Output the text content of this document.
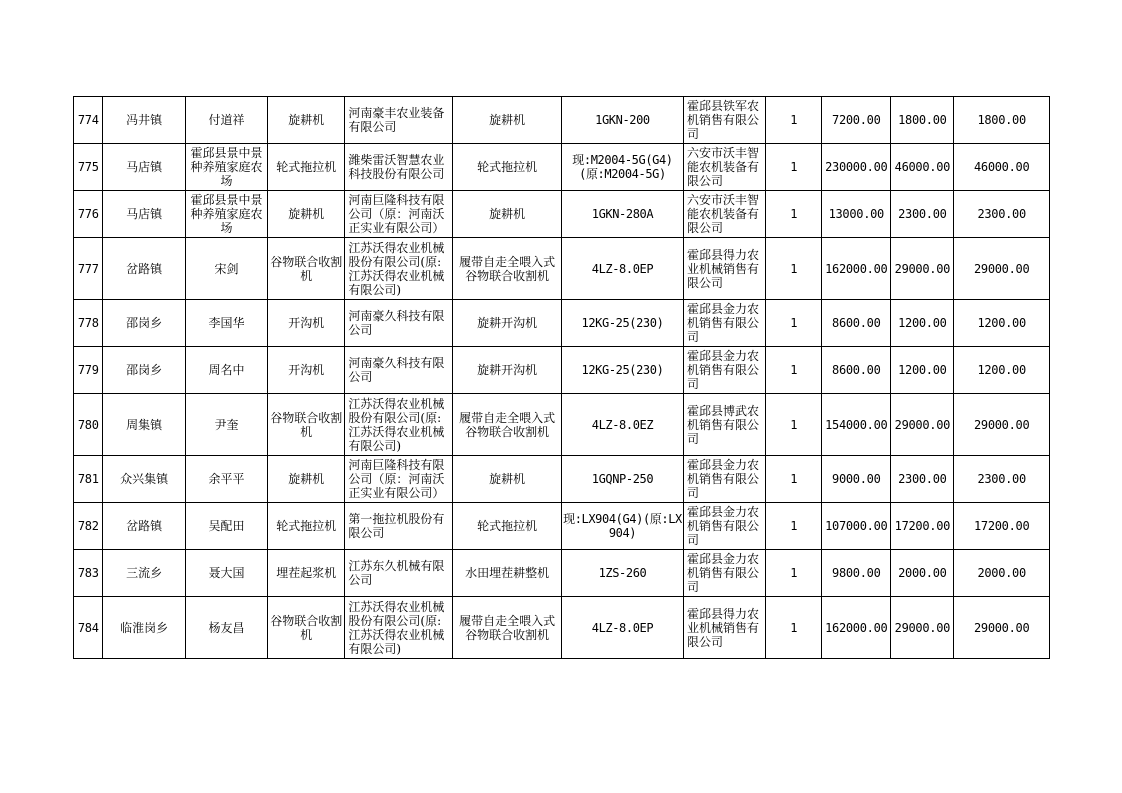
774	冯井镇	付道祥	旋耕机	河南豪丰农业装备有限公司	旋耕机	1GKN-200	霍邱县铁军农机销售有限公司	1	7200.00	1800.00	1800.00
775	马店镇	霍邱县景中景种养殖家庭农场	轮式拖拉机	潍柴雷沃智慧农业科技股份有限公司	轮式拖拉机	现:M2004-5G(G4)(原:M2004-5G)	六安市沃丰智能农机装备有限公司	1	230000.00	46000.00	46000.00
776	马店镇	霍邱县景中景种养殖家庭农场	旋耕机	河南巨隆科技有限公司（原：河南沃正实业有限公司）	旋耕机	1GKN-280A	六安市沃丰智能农机装备有限公司	1	13000.00	2300.00	2300.00
777	岔路镇	宋剑	谷物联合收割机	江苏沃得农业机械股份有限公司(原:江苏沃得农业机械有限公司)	履带自走全喂入式谷物联合收割机	4LZ-8.0EP	霍邱县得力农业机械销售有限公司	1	162000.00	29000.00	29000.00
778	邵岗乡	李国华	开沟机	河南豪久科技有限公司	旋耕开沟机	12KG-25(230)	霍邱县金力农机销售有限公司	1	8600.00	1200.00	1200.00
779	邵岗乡	周名中	开沟机	河南豪久科技有限公司	旋耕开沟机	12KG-25(230)	霍邱县金力农机销售有限公司	1	8600.00	1200.00	1200.00
780	周集镇	尹奎	谷物联合收割机	江苏沃得农业机械股份有限公司(原:江苏沃得农业机械有限公司)	履带自走全喂入式谷物联合收割机	4LZ-8.0EZ	霍邱县博武农机销售有限公司	1	154000.00	29000.00	29000.00
781	众兴集镇	余平平	旋耕机	河南巨隆科技有限公司（原：河南沃正实业有限公司）	旋耕机	1GQNP-250	霍邱县金力农机销售有限公司	1	9000.00	2300.00	2300.00
782	岔路镇	吴配田	轮式拖拉机	第一拖拉机股份有限公司	轮式拖拉机	现:LX904(G4)(原:LX904)	霍邱县金力农机销售有限公司	1	107000.00	17200.00	17200.00
783	三流乡	聂大国	埋茬起浆机	江苏东久机械有限公司	水田埋茬耕整机	1ZS-260	霍邱县金力农机销售有限公司	1	9800.00	2000.00	2000.00
784	临淮岗乡	杨友昌	谷物联合收割机	江苏沃得农业机械股份有限公司(原:江苏沃得农业机械有限公司)	履带自走全喂入式谷物联合收割机	4LZ-8.0EP	霍邱县得力农业机械销售有限公司	1	162000.00	29000.00	29000.00
